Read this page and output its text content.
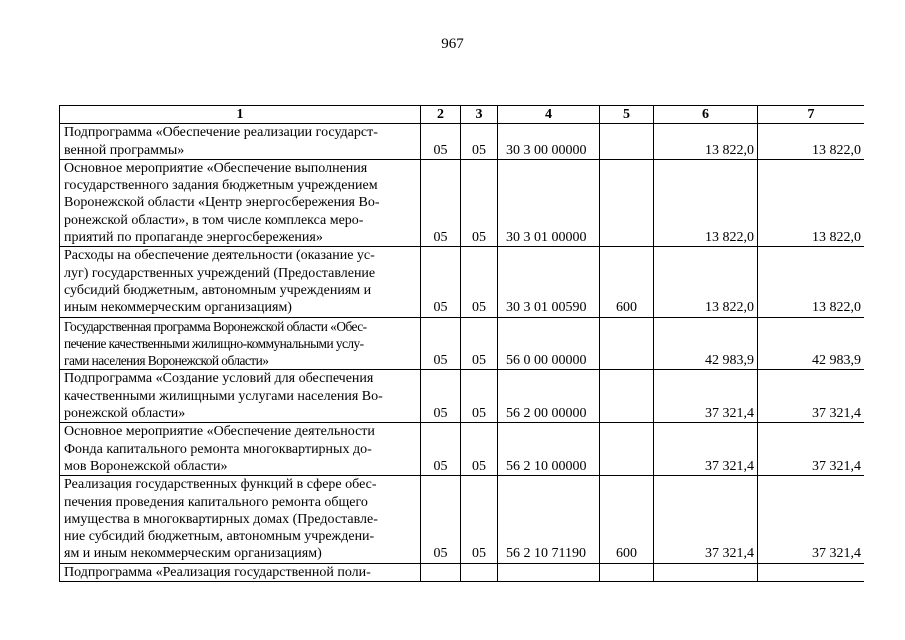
967
1	2	3	4	5	6	7

Подпрограмма «Обеспечение реализации государст-
венной программы»	05	05	30 3 00 00000		13 822,0	13 822,0

Основное мероприятие «Обеспечение выполнения
государственного задания бюджетным учреждением
Воронежской области «Центр энергосбережения Во-
ронежской области», в том числе комплекса меро-
приятий по пропаганде энергосбережения»	05	05	30 3 01 00000		13 822,0	13 822,0

Расходы на обеспечение деятельности (оказание ус-
луг) государственных учреждений (Предоставление
субсидий бюджетным, автономным учреждениям и
иным некоммерческим организациям)	05	05	30 3 01 00590	600	13 822,0	13 822,0

Государственная программа Воронежской области «Обес-
печение качественными жилищно-коммунальными услу-
гами населения Воронежской области»	05	05	56 0 00 00000		42 983,9	42 983,9

Подпрограмма «Создание условий для обеспечения
качественными жилищными услугами населения Во-
ронежской области»	05	05	56 2 00 00000		37 321,4	37 321,4

Основное мероприятие «Обеспечение деятельности
Фонда капитального ремонта многоквартирных до-
мов Воронежской области»	05	05	56 2 10 00000		37 321,4	37 321,4

Реализация государственных функций в сфере обес-
печения проведения капитального ремонта общего
имущества в многоквартирных домах (Предоставле-
ние субсидий бюджетным, автономным учреждени-
ям и иным некоммерческим организациям)	05	05	56 2 10 71190	600	37 321,4	37 321,4

Подпрограмма «Реализация государственной поли-						
